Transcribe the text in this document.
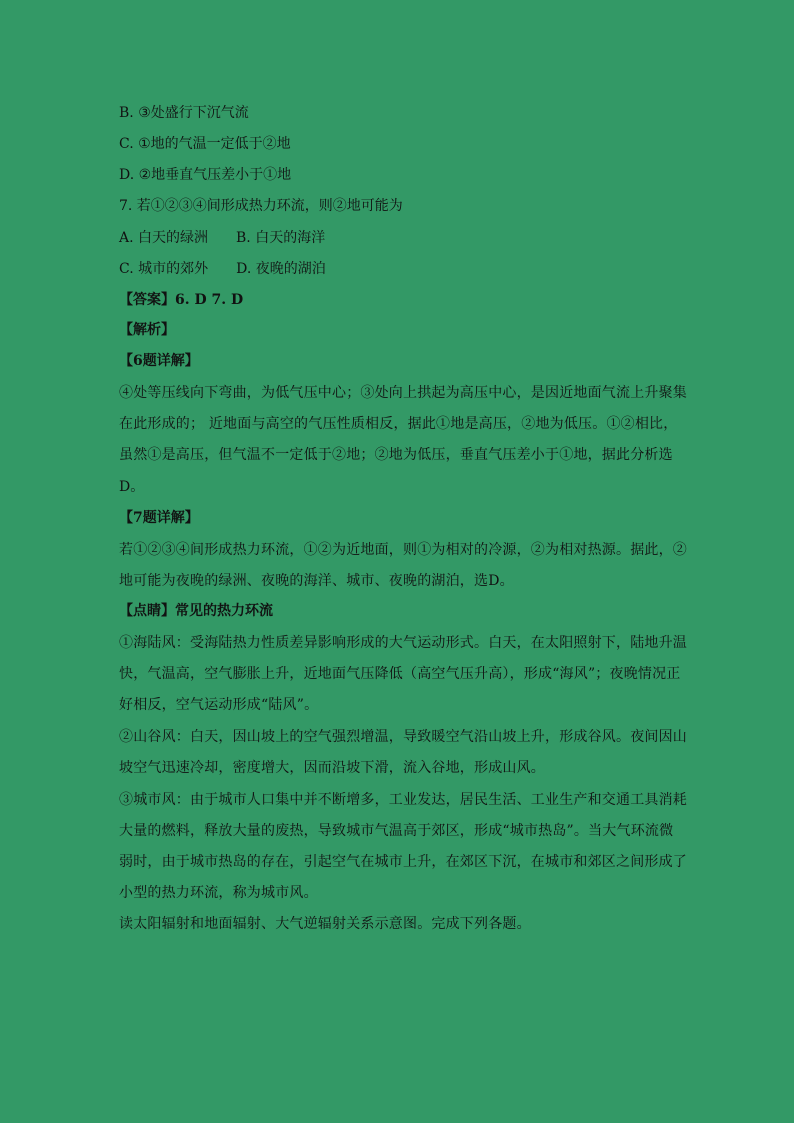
B. ③处盛行下沉气流
C. ①地的气温一定低于②地
D. ②地垂直气压差小于①地
7. 若①②③④间形成热力环流，则②地可能为
A. 白天的绿洲 B. 白天的海洋
C. 城市的郊外 D. 夜晚的湖泊
【答案】6. D 7. D
【解析】
【6题详解】
④处等压线向下弯曲，为低气压中心；③处向上拱起为高压中心，是因近地面气流上升聚集
在此形成的； 近地面与高空的气压性质相反，据此①地是高压，②地为低压。①②相比，
虽然①是高压，但气温不一定低于②地；②地为低压，垂直气压差小于①地，据此分析选
D。
【7题详解】
若①②③④间形成热力环流，①②为近地面，则①为相对的冷源，②为相对热源。据此，②
地可能为夜晚的绿洲、夜晚的海洋、城市、夜晚的湖泊，选D。
【点睛】常见的热力环流
①海陆风：受海陆热力性质差异影响形成的大气运动形式。白天，在太阳照射下，陆地升温
快，气温高，空气膨胀上升，近地面气压降低（高空气压升高），形成“海风”；夜晚情况正
好相反，空气运动形成“陆风”。
②山谷风：白天，因山坡上的空气强烈增温，导致暖空气沿山坡上升，形成谷风。夜间因山
坡空气迅速冷却，密度增大，因而沿坡下滑，流入谷地，形成山风。
③城市风：由于城市人口集中并不断增多，工业发达，居民生活、工业生产和交通工具消耗
大量的燃料，释放大量的废热，导致城市气温高于郊区，形成“城市热岛”。当大气环流微
弱时，由于城市热岛的存在，引起空气在城市上升，在郊区下沉，在城市和郊区之间形成了
小型的热力环流，称为城市风。
读太阳辐射和地面辐射、大气逆辐射关系示意图。完成下列各题。
